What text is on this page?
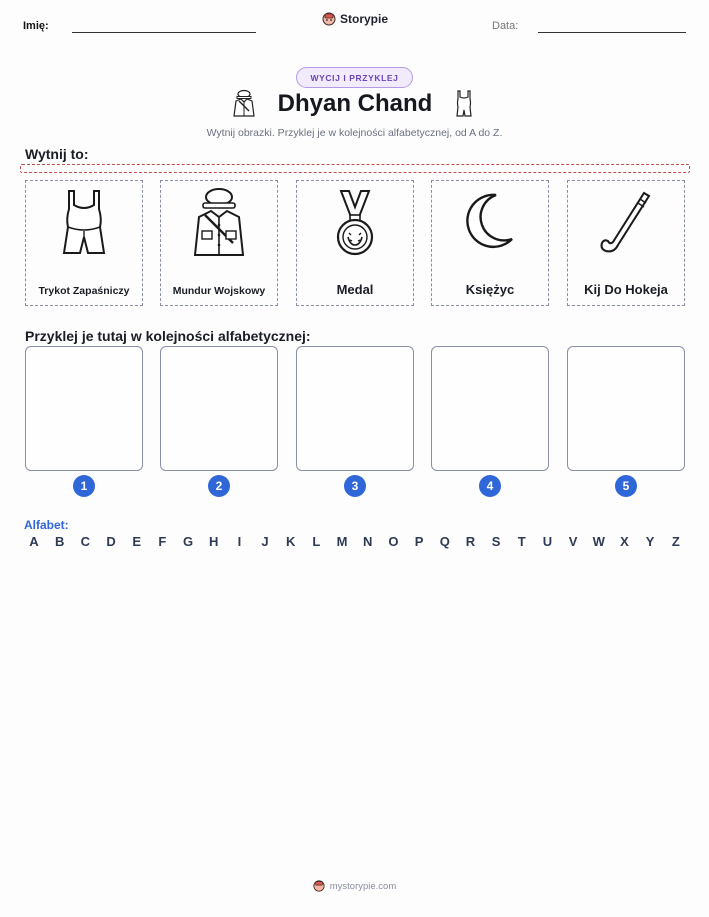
Imię:	Storypie	Data:
WYCIJ I PRZYKLEJ
Dhyan Chand
Wytnij obrazki. Przyklej je w kolejności alfabetycznej, od A do Z.
Wytnij to:
Trykot Zapaśniczy	Mundur Wojskowy	Medal	Księżyc	Kij Do Hokeja
Przyklej je tutaj w kolejności alfabetycznej:
1	2	3	4	5
Alfabet:
A	B	C	D	E	F	G	H	I	J	K	L	M	N	O	P	Q	R	S	T	U	V	W	X	Y	Z
mystorypie.com
